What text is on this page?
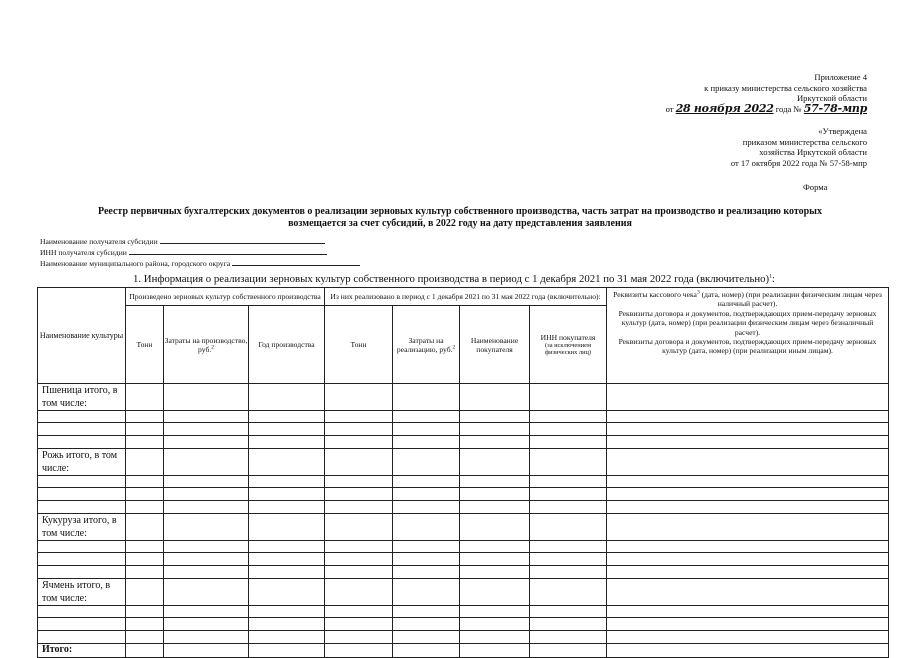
Приложение 4
к приказу министерства сельского хозяйства
Иркутской области
от 28 ноября 2022 года № 57-78-мпр
«Утверждена
приказом министерства сельского
хозяйства Иркутской области
от 17 октября 2022 года № 57-58-мпр
Форма
Реестр первичных бухгалтерских документов о реализации зерновых культур собственного производства, часть затрат на производство и реализацию которых
возмещается за счет субсидий, в 2022 году на дату представления заявления
Наименование получателя субсидии
ИНН получателя субсидии
Наименование муниципального района, городского округа
1. Информация о реализации зерновых культур собственного производства в период с 1 декабря 2021 по 31 мая 2022 года (включительно)$^1$:
Наименование культуры	Произведено зерновых культур собственного производства			Из них реализовано в период с 1 декабря 2021 по 31 мая 2022 года (включительно):				Реквизиты кассового чека$^3$ (дата, номер) (при реализации физическим лицам через наличный расчет).
Реквизиты договора и документов, подтверждающих прием-передачу зерновых культур (дата, номер) (при реализации физическим лицам через безналичный расчет).
Реквизиты договора и документов, подтверждающих прием-передачу зерновых культур (дата, номер) (при реализации иным лицам).

	Тонн	Затраты на производство, руб.$^2$	Год производства	Тонн	Затраты на реализацию, руб.$^2$	Наименование покупателя	ИНН покупателя
(за исключением физических лиц)	

Пшеница итого, в том числе:								

Рожь итого, в том числе:								

Кукуруза итого, в том числе:								

Ячмень итого, в том числе:								

Итого:								
